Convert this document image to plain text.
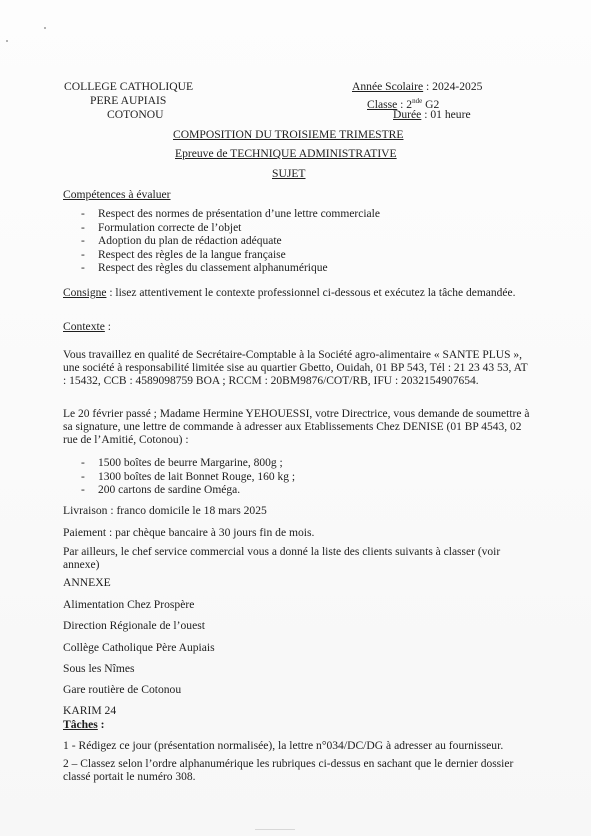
COLLEGE CATHOLIQUE
PERE AUPIAIS
COTONOU
Année Scolaire : 2024-2025
Classe : 2nde G2
Durée : 01 heure
COMPOSITION DU TROISIEME TRIMESTRE
Epreuve de TECHNIQUE ADMINISTRATIVE
SUJET
Compétences à évaluer
- Respect des normes de présentation d’une lettre commerciale
- Formulation correcte de l’objet
- Adoption du plan de rédaction adéquate
- Respect des règles de la langue française
- Respect des règles du classement alphanumérique
Consigne : lisez attentivement le contexte professionnel ci-dessous et exécutez la tâche demandée.
Contexte :
Vous travaillez en qualité de Secrétaire-Comptable à la Société agro-alimentaire « SANTE PLUS », une société à responsabilité limitée sise au quartier Gbetto, Ouidah, 01 BP 543, Tél : 21 23 43 53, AT : 15432, CCB : 4589098759 BOA ; RCCM : 20BM9876/COT/RB, IFU : 2032154907654.
Le 20 février passé ; Madame Hermine YEHOUESSI, votre Directrice, vous demande de soumettre à sa signature, une lettre de commande à adresser aux Etablissements Chez DENISE (01 BP 4543, 02 rue de l’Amitié, Cotonou) :
- 1500 boîtes de beurre Margarine, 800g ;
- 1300 boîtes de lait Bonnet Rouge, 160 kg ;
- 200 cartons de sardine Oméga.
Livraison : franco domicile le 18 mars 2025
Paiement : par chèque bancaire à 30 jours fin de mois.
Par ailleurs, le chef service commercial vous a donné la liste des clients suivants à classer (voir annexe)
ANNEXE
Alimentation Chez Prospère
Direction Régionale de l’ouest
Collège Catholique Père Aupiais
Sous les Nîmes
Gare routière de Cotonou
KARIM 24
Tâches :
1 - Rédigez ce jour (présentation normalisée), la lettre n°034/DC/DG à adresser au fournisseur.
2 – Classez selon l’ordre alphanumérique les rubriques ci-dessus en sachant que le dernier dossier classé portait le numéro 308.
